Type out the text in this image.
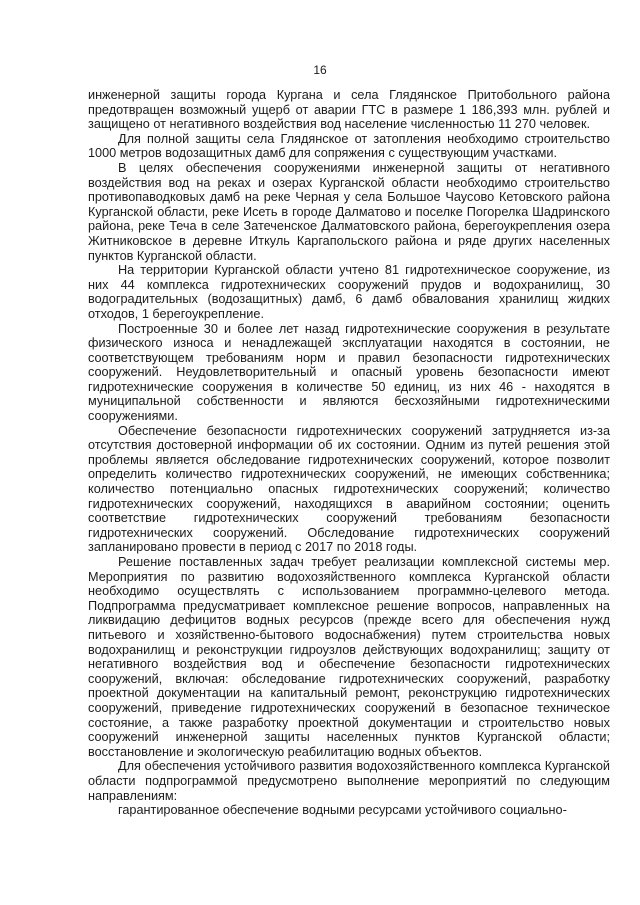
16

инженерной защиты города Кургана и села Глядянское Притобольного района предотвращен возможный ущерб от аварии ГТС в размере 1 186,393 млн. рублей и защищено от негативного воздействия вод население численностью 11 270 человек.

Для полной защиты села Глядянское от затопления необходимо строительство 1000 метров водозащитных дамб для сопряжения с существующим участками.

В целях обеспечения сооружениями инженерной защиты от негативного воздействия вод на реках и озерах Курганской области необходимо строительство противопаводковых дамб на реке Черная у села Большое Чаусово Кетовского района Курганской области, реке Исеть в городе Далматово и поселке Погорелка Шадринского района, реке Теча в селе Затеченское Далматовского района, берегоукрепления озера Житниковское в деревне Иткуль Каргапольского района и ряде других населенных пунктов Курганской области.

На территории Курганской области учтено 81 гидротехническое сооружение, из них 44 комплекса гидротехнических сооружений прудов и водохранилищ, 30 водоградительных (водозащитных) дамб, 6 дамб обвалования хранилищ жидких отходов, 1 берегоукрепление.

Построенные 30 и более лет назад гидротехнические сооружения в результате физического износа и ненадлежащей эксплуатации находятся в состоянии, не соответствующем требованиям норм и правил безопасности гидротехнических сооружений. Неудовлетворительный и опасный уровень безопасности имеют гидротехнические сооружения в количестве 50 единиц, из них 46 - находятся в муниципальной собственности и являются бесхозяйными гидротехническими сооружениями.

Обеспечение безопасности гидротехнических сооружений затрудняется из-за отсутствия достоверной информации об их состоянии. Одним из путей решения этой проблемы является обследование гидротехнических сооружений, которое позволит определить количество гидротехнических сооружений, не имеющих собственника; количество потенциально опасных гидротехнических сооружений; количество гидротехнических сооружений, находящихся в аварийном состоянии; оценить соответствие гидротехнических сооружений требованиям безопасности гидротехнических сооружений. Обследование гидротехнических сооружений запланировано провести в период с 2017 по 2018 годы.

Решение поставленных задач требует реализации комплексной системы мер. Мероприятия по развитию водохозяйственного комплекса Курганской области необходимо осуществлять с использованием программно-целевого метода. Подпрограмма предусматривает комплексное решение вопросов, направленных на ликвидацию дефицитов водных ресурсов (прежде всего для обеспечения нужд питьевого и хозяйственно-бытового водоснабжения) путем строительства новых водохранилищ и реконструкции гидроузлов действующих водохранилищ; защиту от негативного воздействия вод и обеспечение безопасности гидротехнических сооружений, включая: обследование гидротехнических сооружений, разработку проектной документации на капитальный ремонт, реконструкцию гидротехнических сооружений, приведение гидротехнических сооружений в безопасное техническое состояние, а также разработку проектной документации и строительство новых сооружений инженерной защиты населенных пунктов Курганской области; восстановление и экологическую реабилитацию водных объектов.

Для обеспечения устойчивого развития водохозяйственного комплекса Курганской области подпрограммой предусмотрено выполнение мероприятий по следующим направлениям:

гарантированное обеспечение водными ресурсами устойчивого социально-
